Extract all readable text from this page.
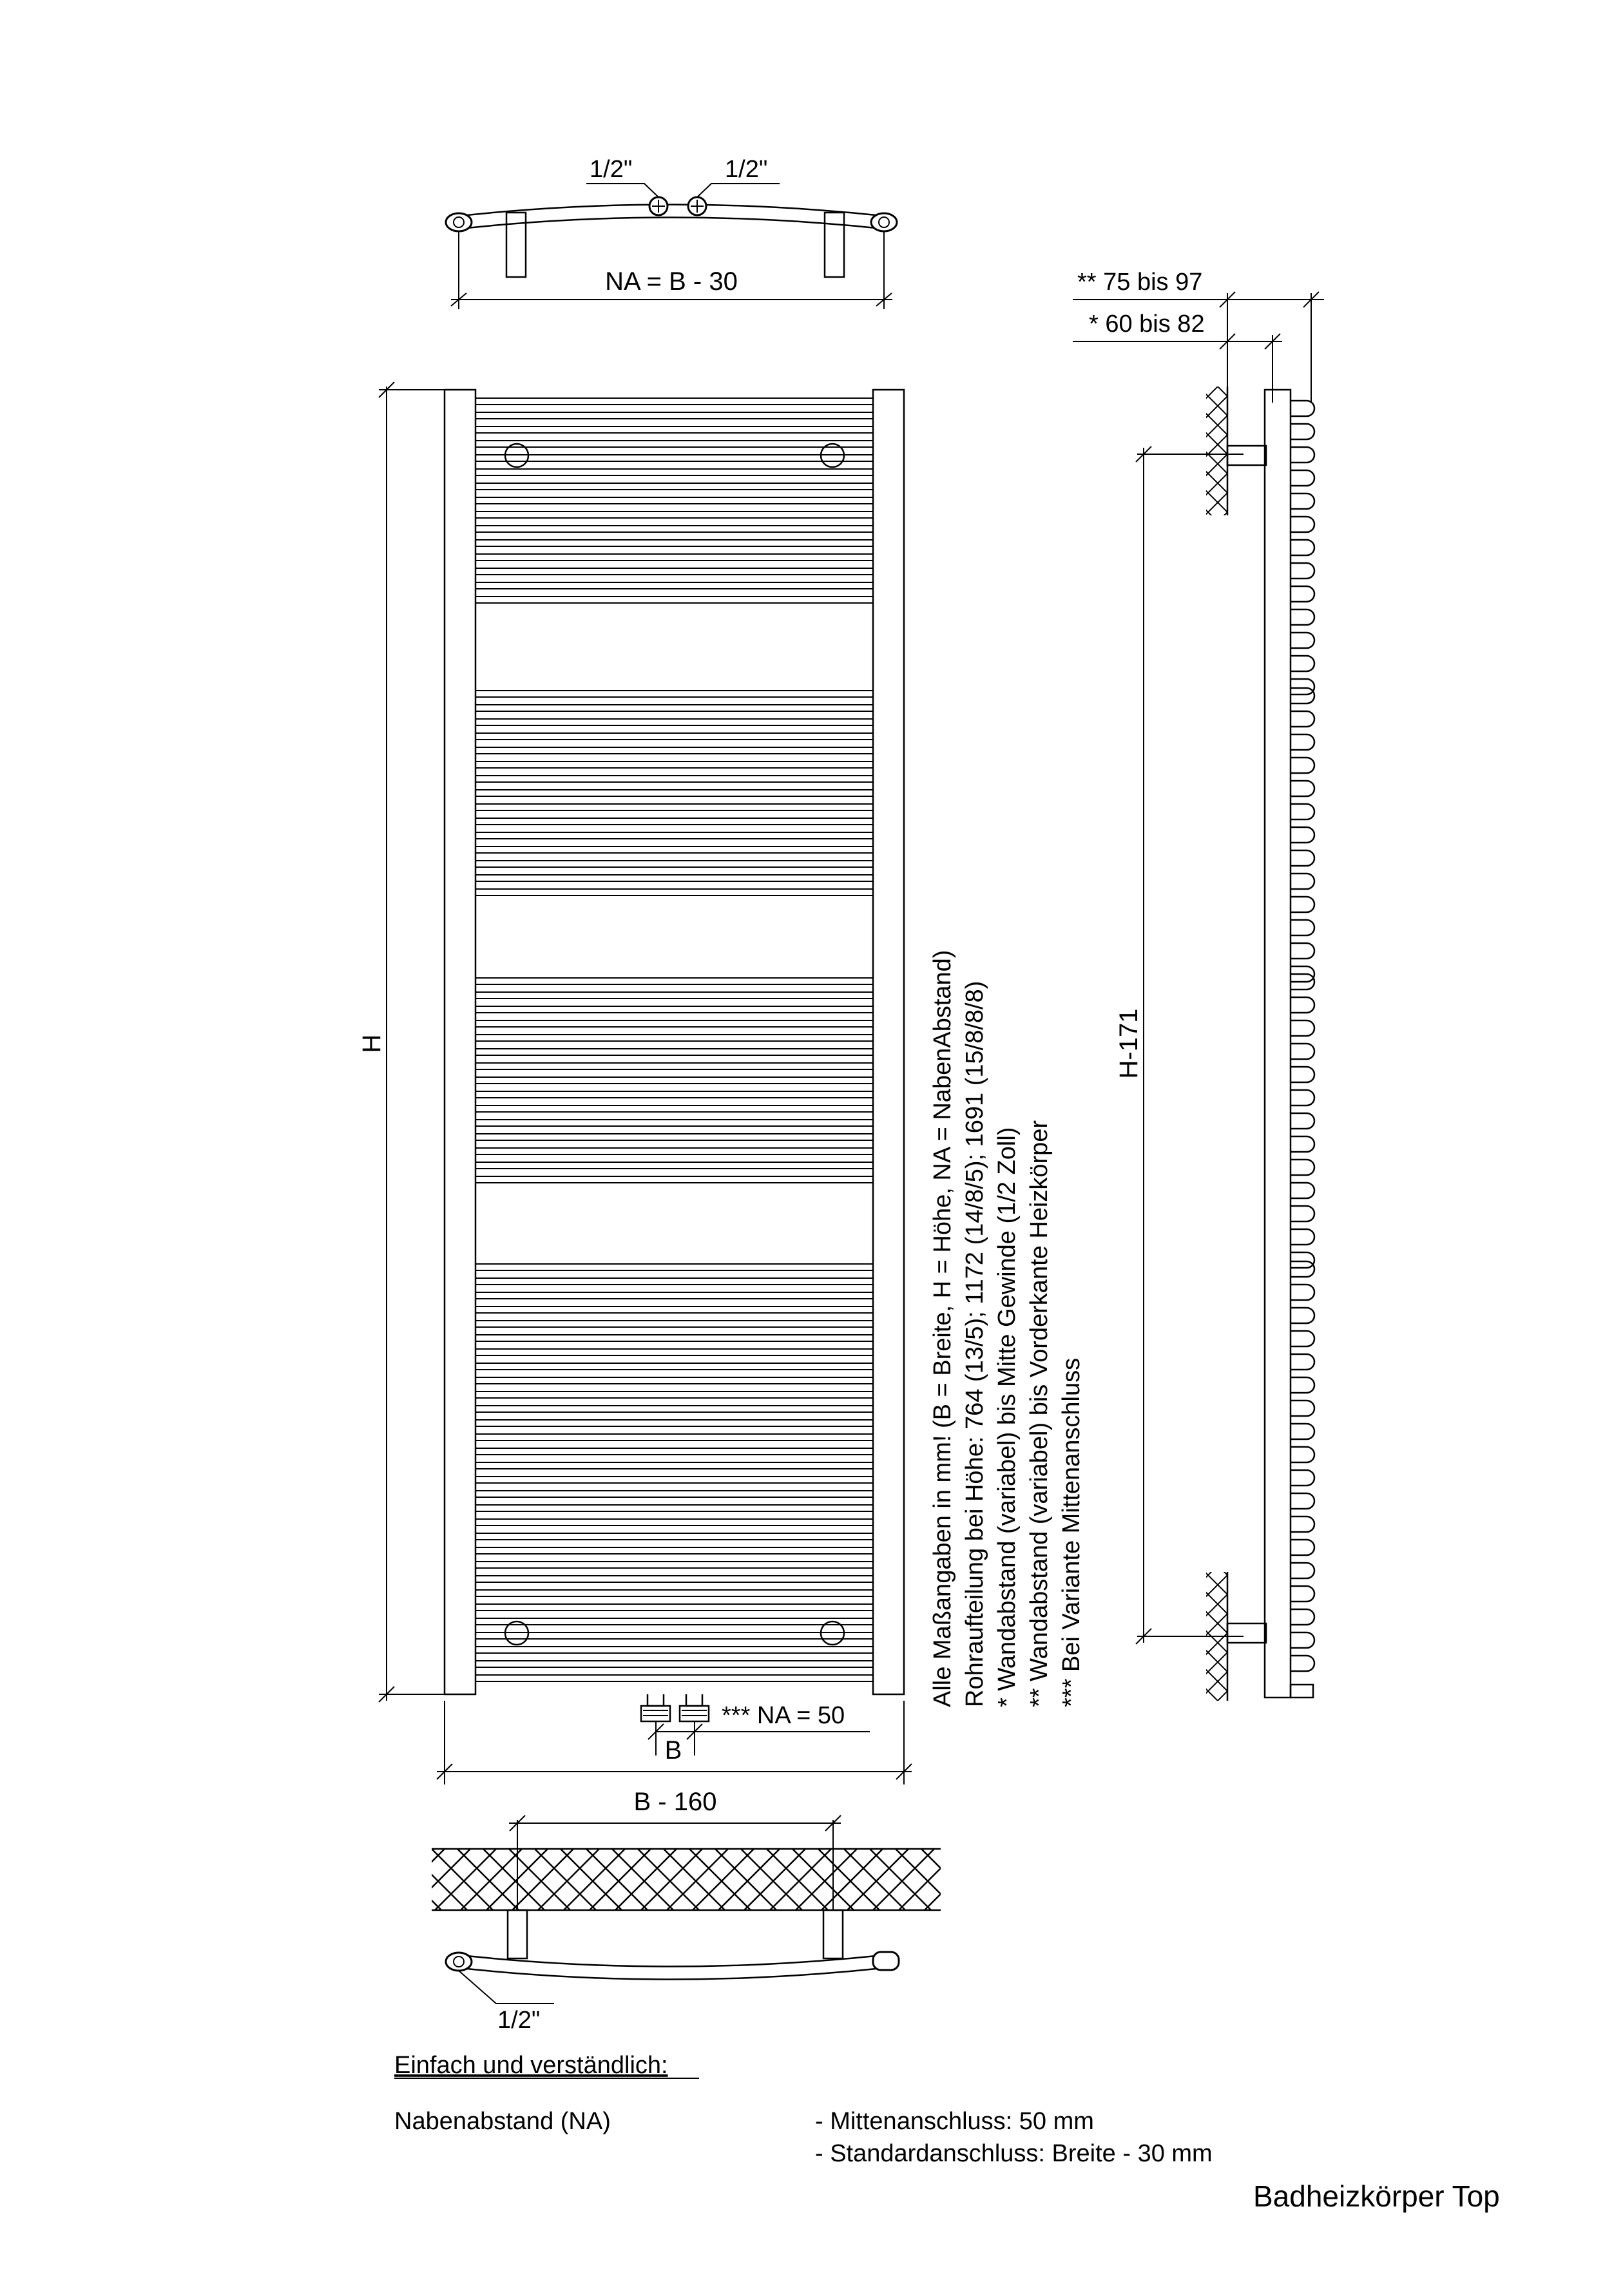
1/2"	1/2"
NA = B - 30
H
*** NA = 50
B
Alle Maßangaben in mm! (B = Breite, H = Höhe, NA = NabenAbstand) Rohraufteilung bei Höhe: 764 (13/5); 1172 (14/8/5); 1691 (15/8/8/8) * Wandabstand (variabel) bis Mitte Gewinde (1/2 Zoll) ** Wandabstand (variabel) bis Vorderkante Heizkörper *** Bei Variante Mittenanschluss
** 75 bis 97
* 60 bis 82
H-171
B - 160
1/2"
Einfach und verständlich:
Nabenabstand (NA)	- Mittenanschluss: 50 mm
- Standardanschluss: Breite - 30 mm
Badheizkörper Top
